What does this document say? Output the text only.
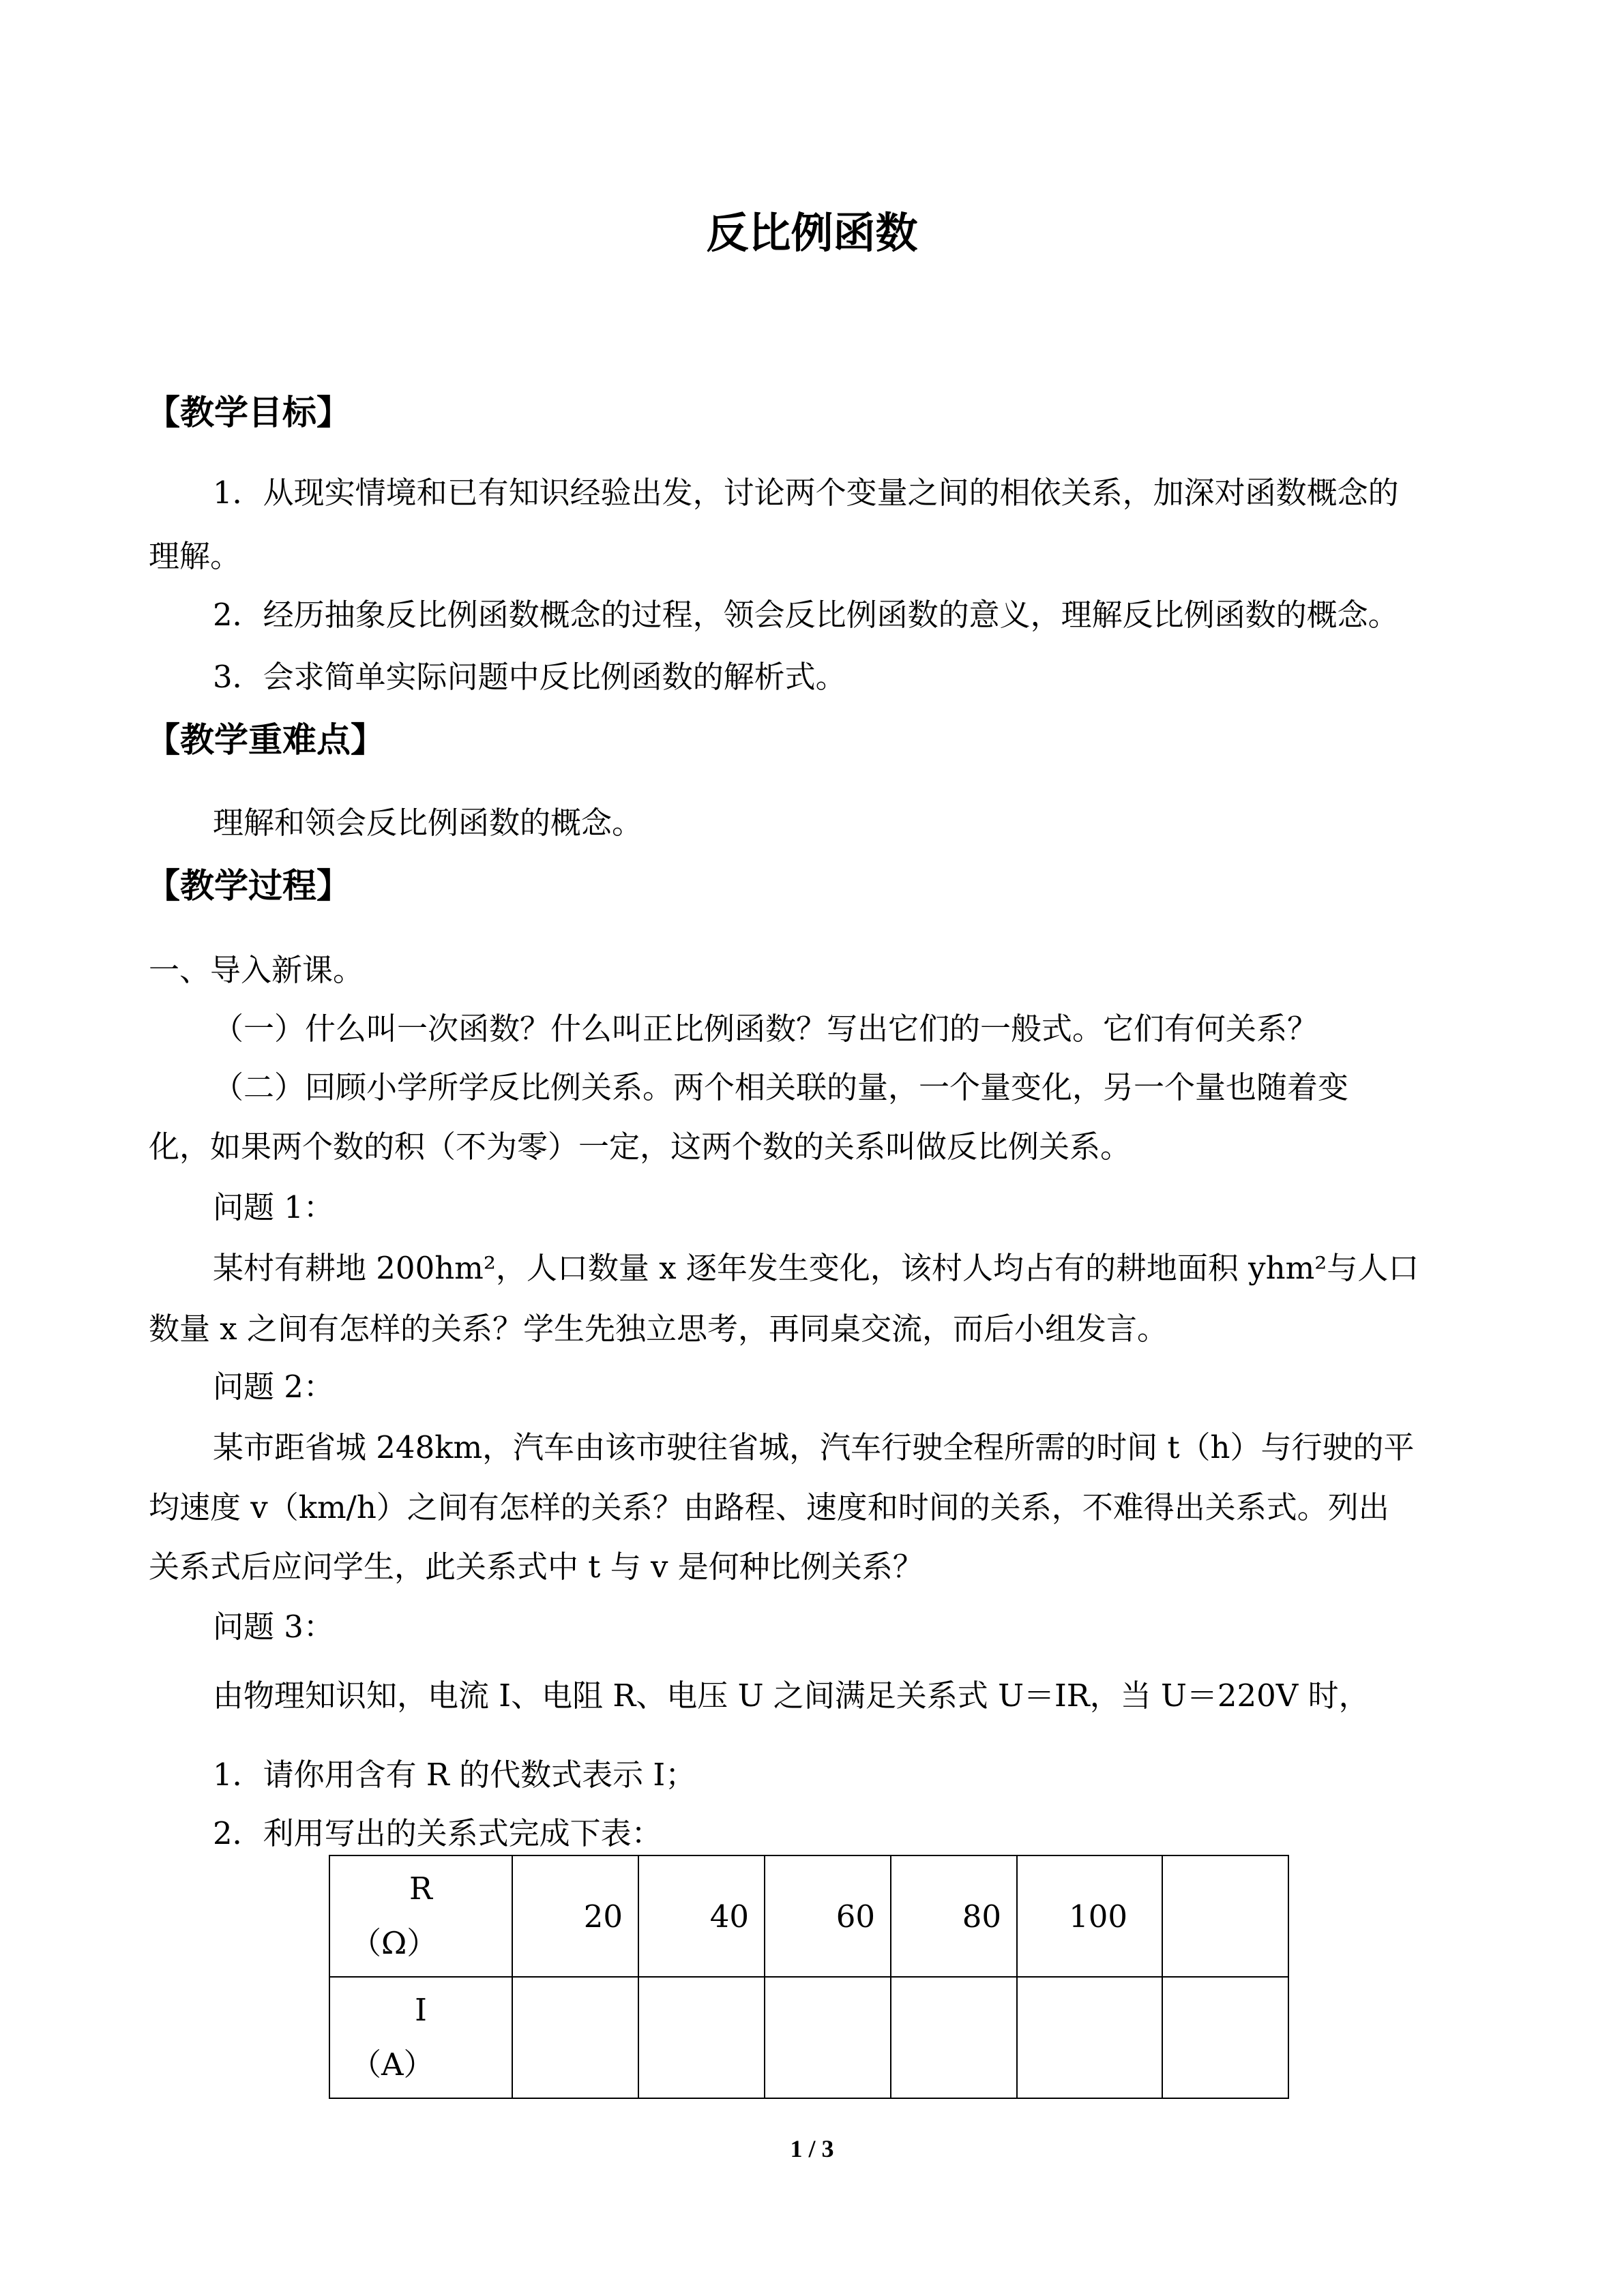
反比例函数
【教学目标】
1．从现实情境和已有知识经验出发，讨论两个变量之间的相依关系，加深对函数概念的
理解。
2．经历抽象反比例函数概念的过程，领会反比例函数的意义，理解反比例函数的概念。
3．会求简单实际问题中反比例函数的解析式。
【教学重难点】
理解和领会反比例函数的概念。
【教学过程】
一、导入新课。
（一）什么叫一次函数？什么叫正比例函数？写出它们的一般式。它们有何关系？
（二）回顾小学所学反比例关系。两个相关联的量，一个量变化，另一个量也随着变
化，如果两个数的积（不为零）一定，这两个数的关系叫做反比例关系。
问题 1：
某村有耕地 200hm²，人口数量 x 逐年发生变化，该村人均占有的耕地面积 yhm²与人口
数量 x 之间有怎样的关系？学生先独立思考，再同桌交流，而后小组发言。
问题 2：
某市距省城 248km，汽车由该市驶往省城，汽车行驶全程所需的时间 t（h）与行驶的平
均速度 v（km/h）之间有怎样的关系？由路程、速度和时间的关系，不难得出关系式。列出
关系式后应问学生，此关系式中 t 与 v 是何种比例关系？
问题 3：
由物理知识知，电流 I、电阻 R、电压 U 之间满足关系式 U＝IR，当 U＝220V 时，
1．请你用含有 R 的代数式表示 I；
2．利用写出的关系式完成下表：
R
（Ω）	20	40	60	80	100	

I
（A）						

1 / 3
